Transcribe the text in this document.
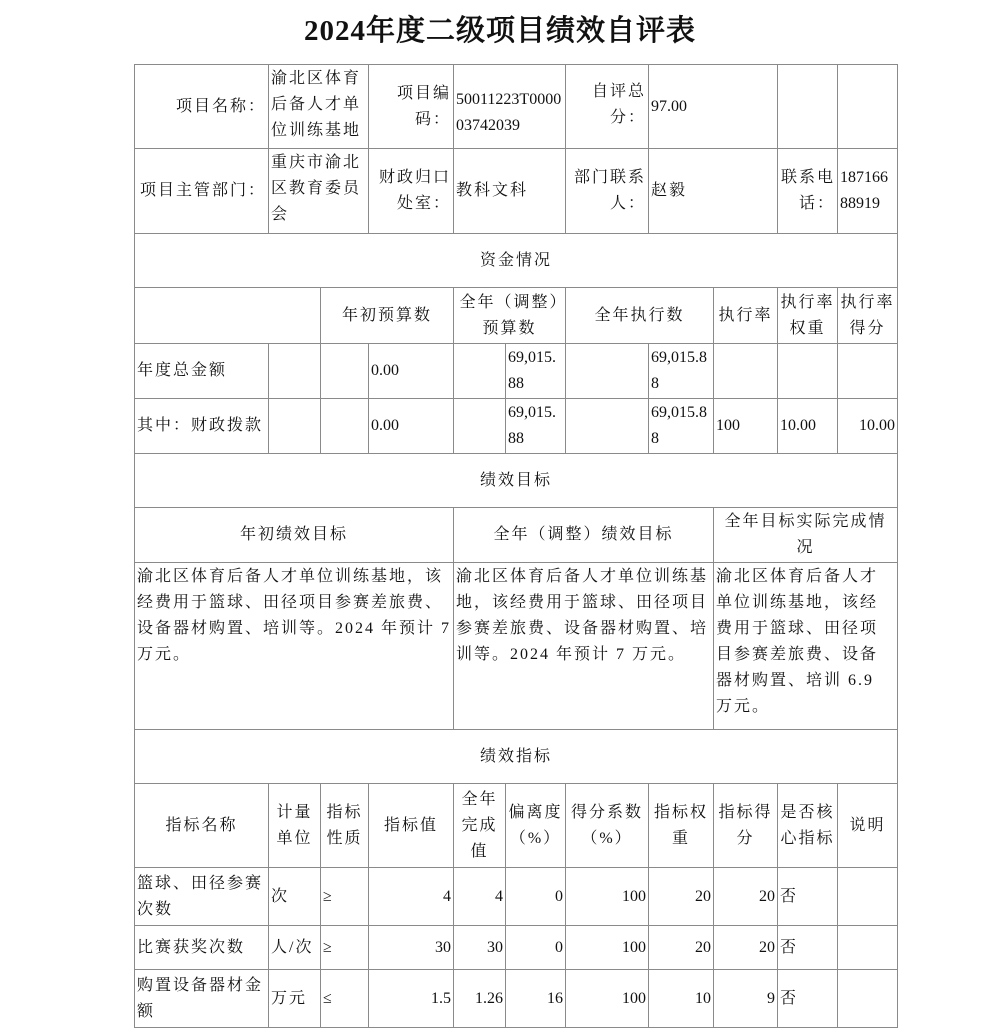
2024年度二级项目绩效自评表
项目名称：	渝北区体育后备人才单位训练基地		项目编码：	50011223T000003742039		自评总分：	97.00			
项目主管部门：	重庆市渝北区教育委员会		财政归口处室：	教科文科		部门联系人：	赵毅		联系电话：	18716688919
资金情况										
		年初预算数		全年（调整）预算数		全年执行数		执行率	执行率权重	执行率得分
年度总金额			0.00		69,015.88		69,015.88			
其中：财政拨款			0.00		69,015.88		69,015.88	100	10.00	10.00
绩效目标										
年初绩效目标				全年（调整）绩效目标				全年目标实际完成情况		
渝北区体育后备人才单位训练基地，该经费用于篮球、田径项目参赛差旅费、设备器材购置、培训等。2024 年预计 7 万元。				渝北区体育后备人才单位训练基地，该经费用于篮球、田径项目参赛差旅费、设备器材购置、培训等。2024 年预计 7 万元。				渝北区体育后备人才单位训练基地，该经费用于篮球、田径项目参赛差旅费、设备器材购置、培训 6.9 万元。		
绩效指标										
指标名称	计量单位	指标性质	指标值	全年完成值	偏离度（%）	得分系数（%）	指标权重	指标得分	是否核心指标	说明
篮球、田径参赛次数	次	≥	4	4	0	100	20	20	否	
比赛获奖次数	人/次	≥	30	30	0	100	20	20	否	
购置设备器材金额	万元	≤	1.5	1.26	16	100	10	9	否	
